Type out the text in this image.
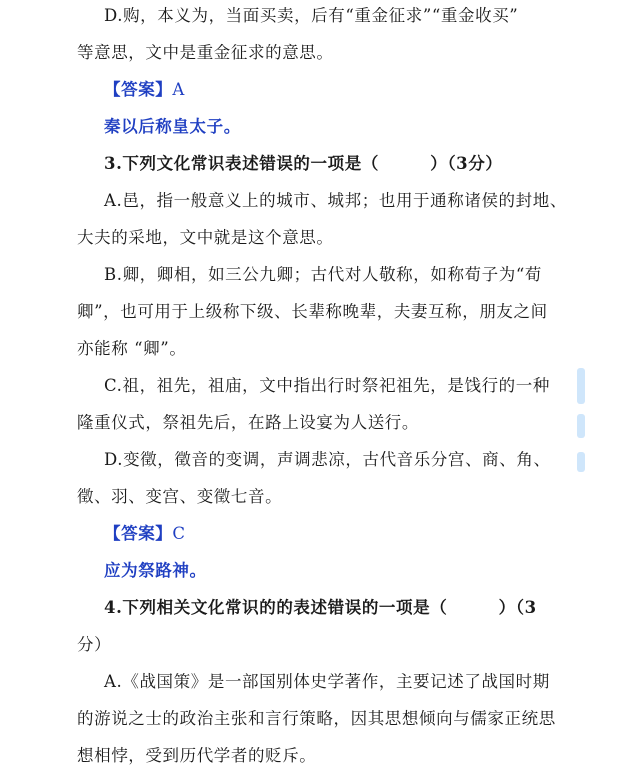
D.购，本义为，当面买卖，后有“重金征求”“重金收买”
等意思，文中是重金征求的意思。
【答案】A
秦以后称皇太子。
3.下列文化常识表述错误的一项是（　　　）（3分）
A.邑，指一般意义上的城市、城邦；也用于通称诸侯的封地、
大夫的采地，文中就是这个意思。
B.卿，卿相，如三公九卿；古代对人敬称，如称荀子为“荀
卿”，也可用于上级称下级、长辈称晚辈，夫妻互称，朋友之间
亦能称 “卿”。
C.祖，祖先，祖庙，文中指出行时祭祀祖先，是饯行的一种
隆重仪式，祭祖先后，在路上设宴为人送行。
D.变徵，徵音的变调，声调悲凉，古代音乐分宫、商、角、
徵、羽、变宫、变徵七音。
【答案】C
应为祭路神。
4.下列相关文化常识的的表述错误的一项是（　　　）（3
分）
A.《战国策》是一部国别体史学著作，主要记述了战国时期
的游说之士的政治主张和言行策略，因其思想倾向与儒家正统思
想相悖，受到历代学者的贬斥。
